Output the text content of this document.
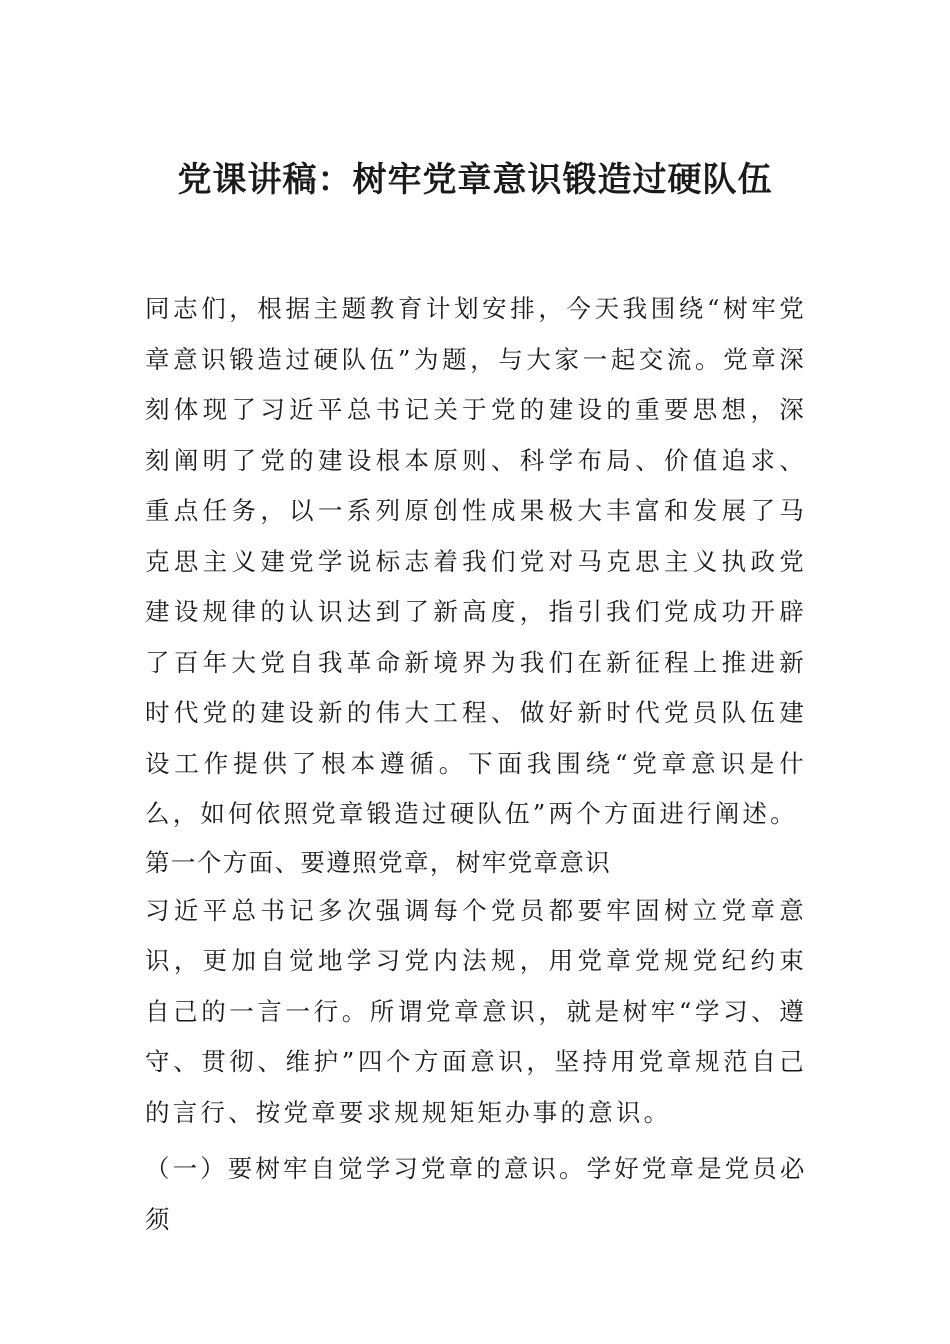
党课讲稿：树牢党章意识锻造过硬队伍

同志们，根据主题教育计划安排，今天我围绕“树牢党章意识锻造过硬队伍”为题，与大家一起交流。党章深刻体现了习近平总书记关于党的建设的重要思想，深刻阐明了党的建设根本原则、科学布局、价值追求、重点任务，以一系列原创性成果极大丰富和发展了马克思主义建党学说标志着我们党对马克思主义执政党建设规律的认识达到了新高度，指引我们党成功开辟了百年大党自我革命新境界为我们在新征程上推进新时代党的建设新的伟大工程、做好新时代党员队伍建设工作提供了根本遵循。下面我围绕“党章意识是什么，如何依照党章锻造过硬队伍”两个方面进行阐述。

第一个方面、要遵照党章，树牢党章意识

习近平总书记多次强调每个党员都要牢固树立党章意识，更加自觉地学习党内法规，用党章党规党纪约束自己的一言一行。所谓党章意识，就是树牢“学习、遵守、贯彻、维护”四个方面意识，坚持用党章规范自己的言行、按党章要求规规矩矩办事的意识。

（一）要树牢自觉学习党章的意识。学好党章是党员必须
